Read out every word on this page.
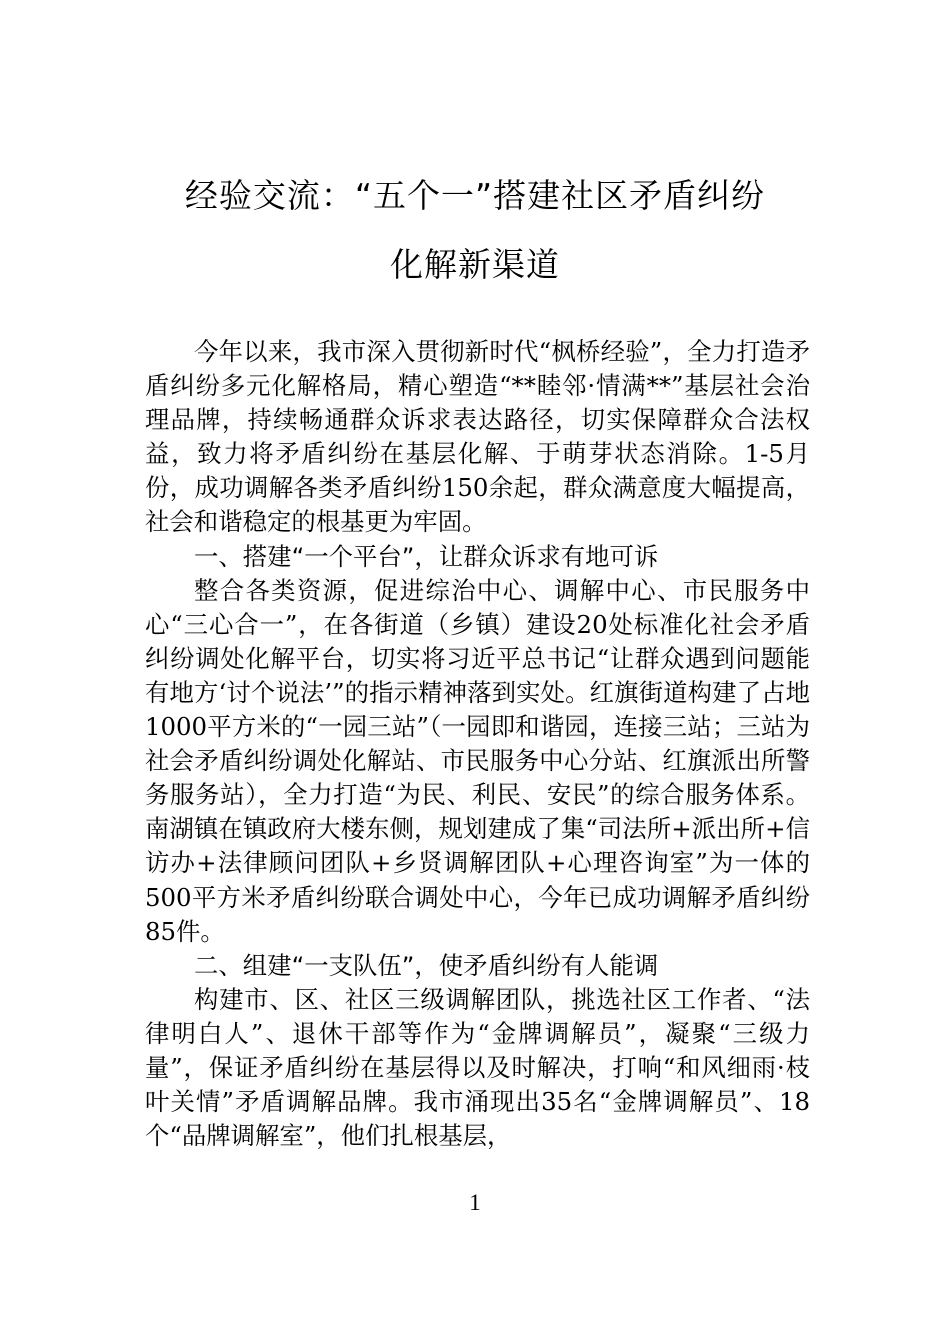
经验交流：“五个一”搭建社区矛盾纠纷
化解新渠道

今年以来，我市深入贯彻新时代“枫桥经验”，全力打造矛盾纠纷多元化解格局，精心塑造“**睦邻·情满**”基层社会治理品牌，持续畅通群众诉求表达路径，切实保障群众合法权益，致力将矛盾纠纷在基层化解、于萌芽状态消除。1-5月份，成功调解各类矛盾纠纷150余起，群众满意度大幅提高，社会和谐稳定的根基更为牢固。

一、搭建“一个平台”，让群众诉求有地可诉

整合各类资源，促进综治中心、调解中心、市民服务中心“三心合一”，在各街道（乡镇）建设20处标准化社会矛盾纠纷调处化解平台，切实将习近平总书记“让群众遇到问题能有地方‘讨个说法’”的指示精神落到实处。红旗街道构建了占地1000平方米的“一园三站”（一园即和谐园，连接三站；三站为社会矛盾纠纷调处化解站、市民服务中心分站、红旗派出所警务服务站），全力打造“为民、利民、安民”的综合服务体系。南湖镇在镇政府大楼东侧，规划建成了集“司法所+派出所+信访办+法律顾问团队+乡贤调解团队+心理咨询室”为一体的500平方米矛盾纠纷联合调处中心，今年已成功调解矛盾纠纷85件。

二、组建“一支队伍”，使矛盾纠纷有人能调

构建市、区、社区三级调解团队，挑选社区工作者、“法律明白人”、退休干部等作为“金牌调解员”，凝聚“三级力量”，保证矛盾纠纷在基层得以及时解决，打响“和风细雨·枝叶关情”矛盾调解品牌。我市涌现出35名“金牌调解员”、18个“品牌调解室”，他们扎根基层，

1
